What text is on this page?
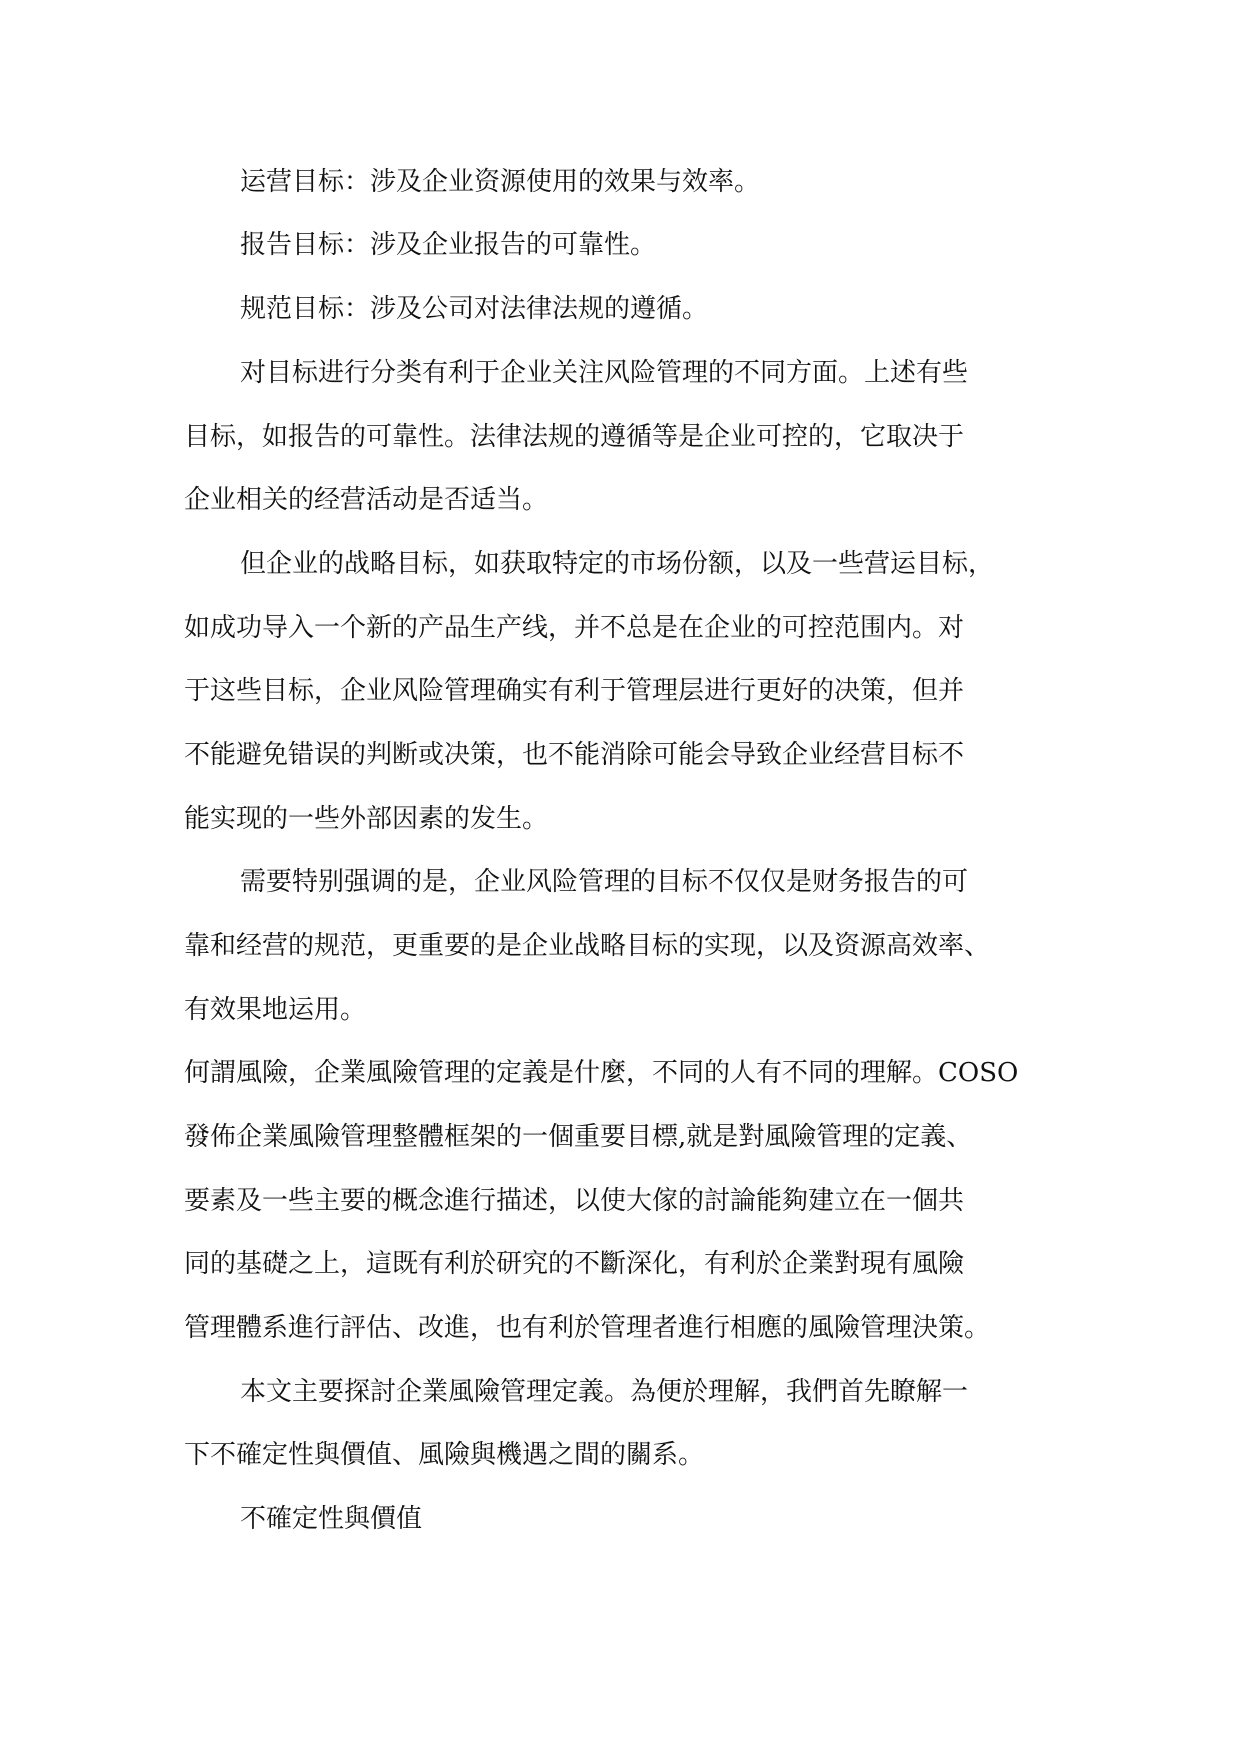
运营目标：涉及企业资源使用的效果与效率。
报告目标：涉及企业报告的可靠性。
规范目标：涉及公司对法律法规的遵循。
对目标进行分类有利于企业关注风险管理的不同方面。上述有些
目标，如报告的可靠性。法律法规的遵循等是企业可控的，它取决于
企业相关的经营活动是否适当。
但企业的战略目标，如获取特定的市场份额，以及一些营运目标，
如成功导入一个新的产品生产线，并不总是在企业的可控范围内。对
于这些目标，企业风险管理确实有利于管理层进行更好的决策，但并
不能避免错误的判断或决策，也不能消除可能会导致企业经营目标不
能实现的一些外部因素的发生。
需要特别强调的是，企业风险管理的目标不仅仅是财务报告的可
靠和经营的规范，更重要的是企业战略目标的实现，以及资源高效率、
有效果地运用。
何謂風險，企業風險管理的定義是什麼，不同的人有不同的理解。COSO
發佈企業風險管理整體框架的一個重要目標,就是對風險管理的定義、
要素及一些主要的概念進行描述，以使大傢的討論能夠建立在一個共
同的基礎之上，這既有利於研究的不斷深化，有利於企業對現有風險
管理體系進行評估、改進，也有利於管理者進行相應的風險管理決策。
本文主要探討企業風險管理定義。為便於理解，我們首先瞭解一
下不確定性與價值、風險與機遇之間的關系。
不確定性與價值
